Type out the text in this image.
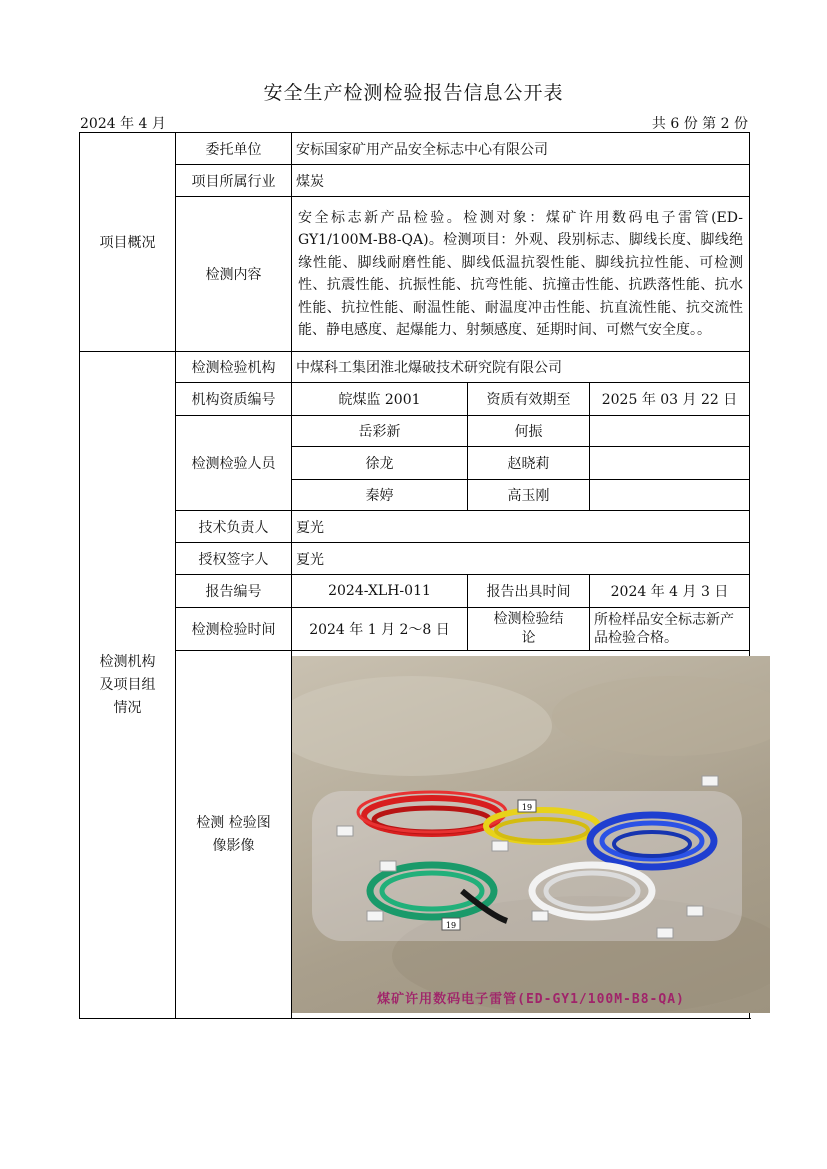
安全生产检测检验报告信息公开表
2024 年 4 月	共 6 份 第 2 份
项目概况	委托单位	安标国家矿用产品安全标志中心有限公司		
	项目所属行业	煤炭		
	检测内容	安全标志新产品检验。检测对象：煤矿许用数码电子雷管(ED-GY1/100M-B8-QA)。检测项目：外观、段别标志、脚线长度、脚线绝缘性能、脚线耐磨性能、脚线低温抗裂性能、脚线抗拉性能、可检测性、抗震性能、抗振性能、抗弯性能、抗撞击性能、抗跌落性能、抗水性能、抗拉性能、耐温性能、耐温度冲击性能、抗直流性能、抗交流性能、静电感度、起爆能力、射频感度、延期时间、可燃气安全度。。		

检测机构及项目组情况	检测检验机构	中煤科工集团淮北爆破技术研究院有限公司		
	机构资质编号	皖煤监 2001	资质有效期至	2025 年 03 月 22 日
	检测检验人员	岳彩新	何振	
		徐龙	赵晓莉	
		秦婷	高玉刚	
	技术负责人	夏光		
	授权签字人	夏光		
	报告编号	2024-XLH-011	报告出具时间	2024 年 4 月 3 日
	检测检验时间	2024 年 1 月 2～8 日	检测检验结论	所检样品安全标志新产品检验合格。

	检测 检验图像影像	19
19
煤矿许用数码电子雷管(ED-GY1/100M-B8-QA)		
